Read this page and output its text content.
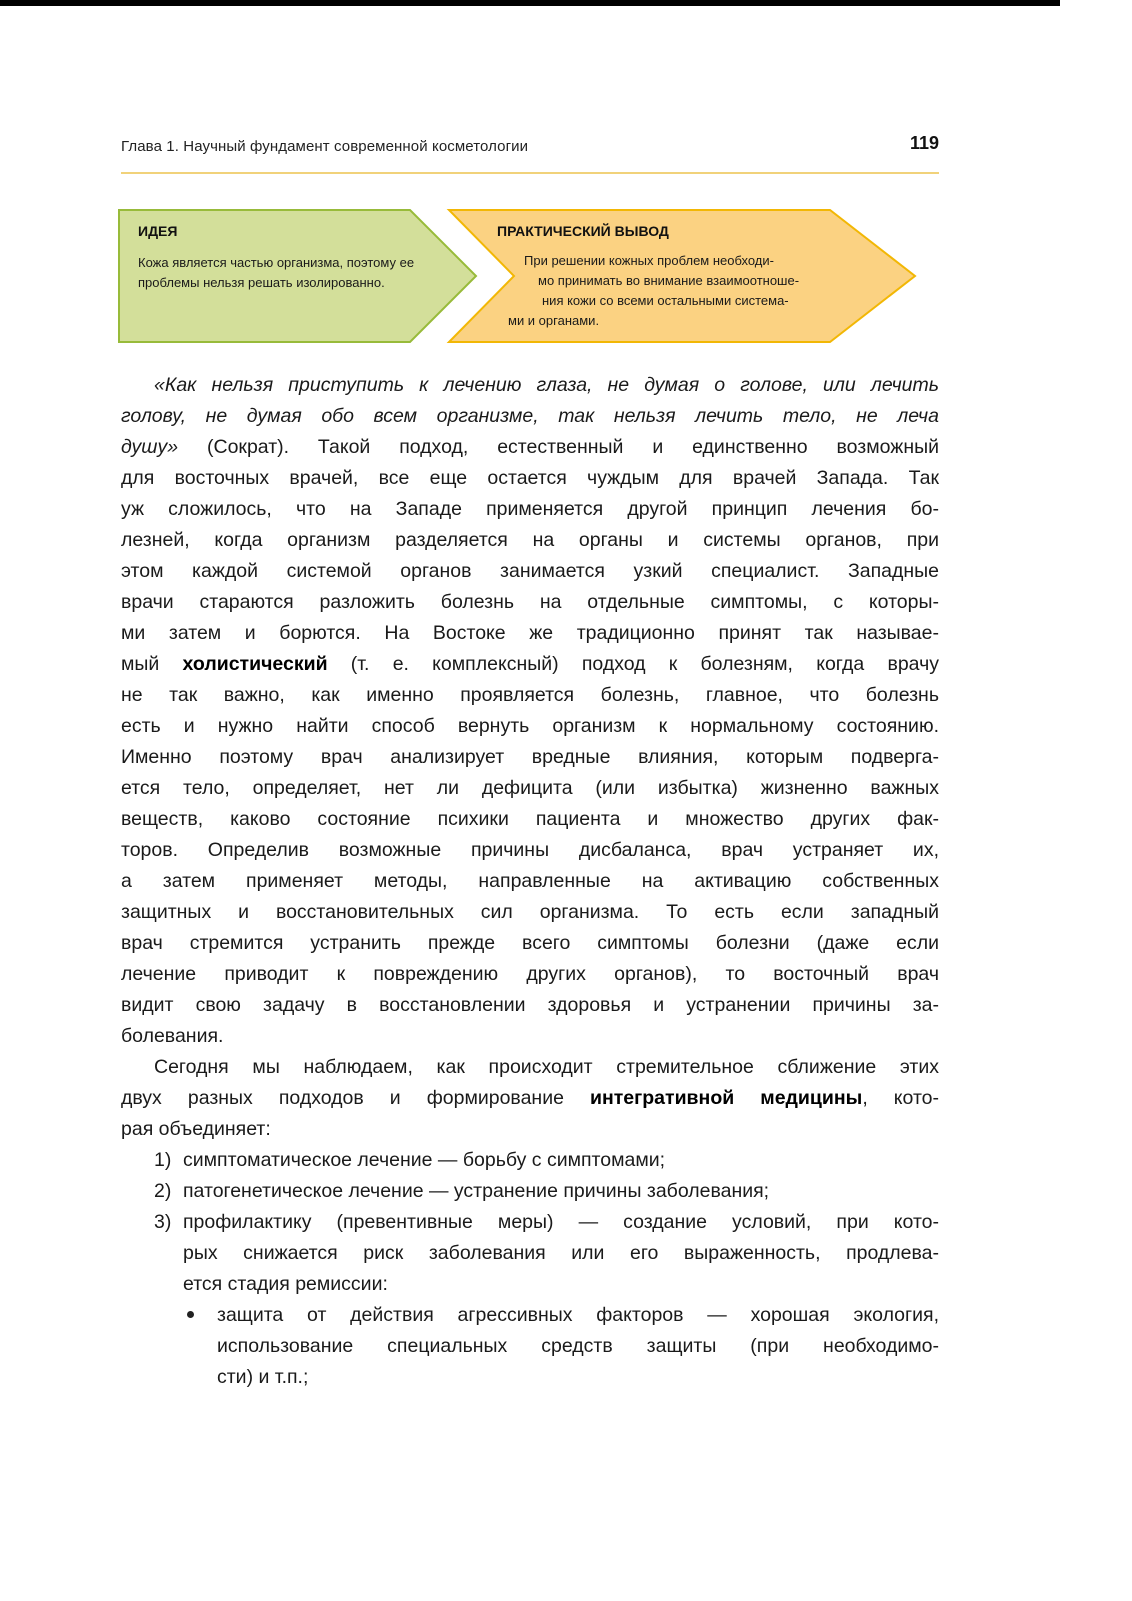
Глава 1. Научный фундамент современной косметологии	119
ИДЕЯ
Кожа является частью организма, поэтому ее проблемы нельзя решать изолированно.
ПРАКТИЧЕСКИЙ ВЫВОД
При решении кожных проблем необходи-
мо принимать во внимание взаимоотноше-
ния кожи со всеми остальными система-
ми и органами.
«Как нельзя приступить к лечению глаза, не думая о голове, или лечить
голову, не думая обо всем организме, так нельзя лечить тело, не леча
душу» (Сократ). Такой подход, естественный и единственно возможный
для восточных врачей, все еще остается чуждым для врачей Запада. Так
уж сложилось, что на Западе применяется другой принцип лечения бо-
лезней, когда организм разделяется на органы и системы органов, при
этом каждой системой органов занимается узкий специалист. Западные
врачи стараются разложить болезнь на отдельные симптомы, с которы-
ми затем и борются. На Востоке же традиционно принят так называе-
мый холистический (т. е. комплексный) подход к болезням, когда врачу
не так важно, как именно проявляется болезнь, главное, что болезнь
есть и нужно найти способ вернуть организм к нормальному состоянию.
Именно поэтому врач анализирует вредные влияния, которым подверга-
ется тело, определяет, нет ли дефицита (или избытка) жизненно важных
веществ, каково состояние психики пациента и множество других фак-
торов. Определив возможные причины дисбаланса, врач устраняет их,
а затем применяет методы, направленные на активацию собственных
защитных и восстановительных сил организма. То есть если западный
врач стремится устранить прежде всего симптомы болезни (даже если
лечение приводит к повреждению других органов), то восточный врач
видит свою задачу в восстановлении здоровья и устранении причины за-
болевания.
Сегодня мы наблюдаем, как происходит стремительное сближение этих
двух разных подходов и формирование интегративной медицины, кото-
рая объединяет:
1) симптоматическое лечение — борьбу с симптомами;
2) патогенетическое лечение — устранение причины заболевания;
3) профилактику (превентивные меры) — создание условий, при кото-
рых снижается риск заболевания или его выраженность, продлева-
ется стадия ремиссии:
защита от действия агрессивных факторов — хорошая экология,
использование специальных средств защиты (при необходимо-
сти) и т.п.;
